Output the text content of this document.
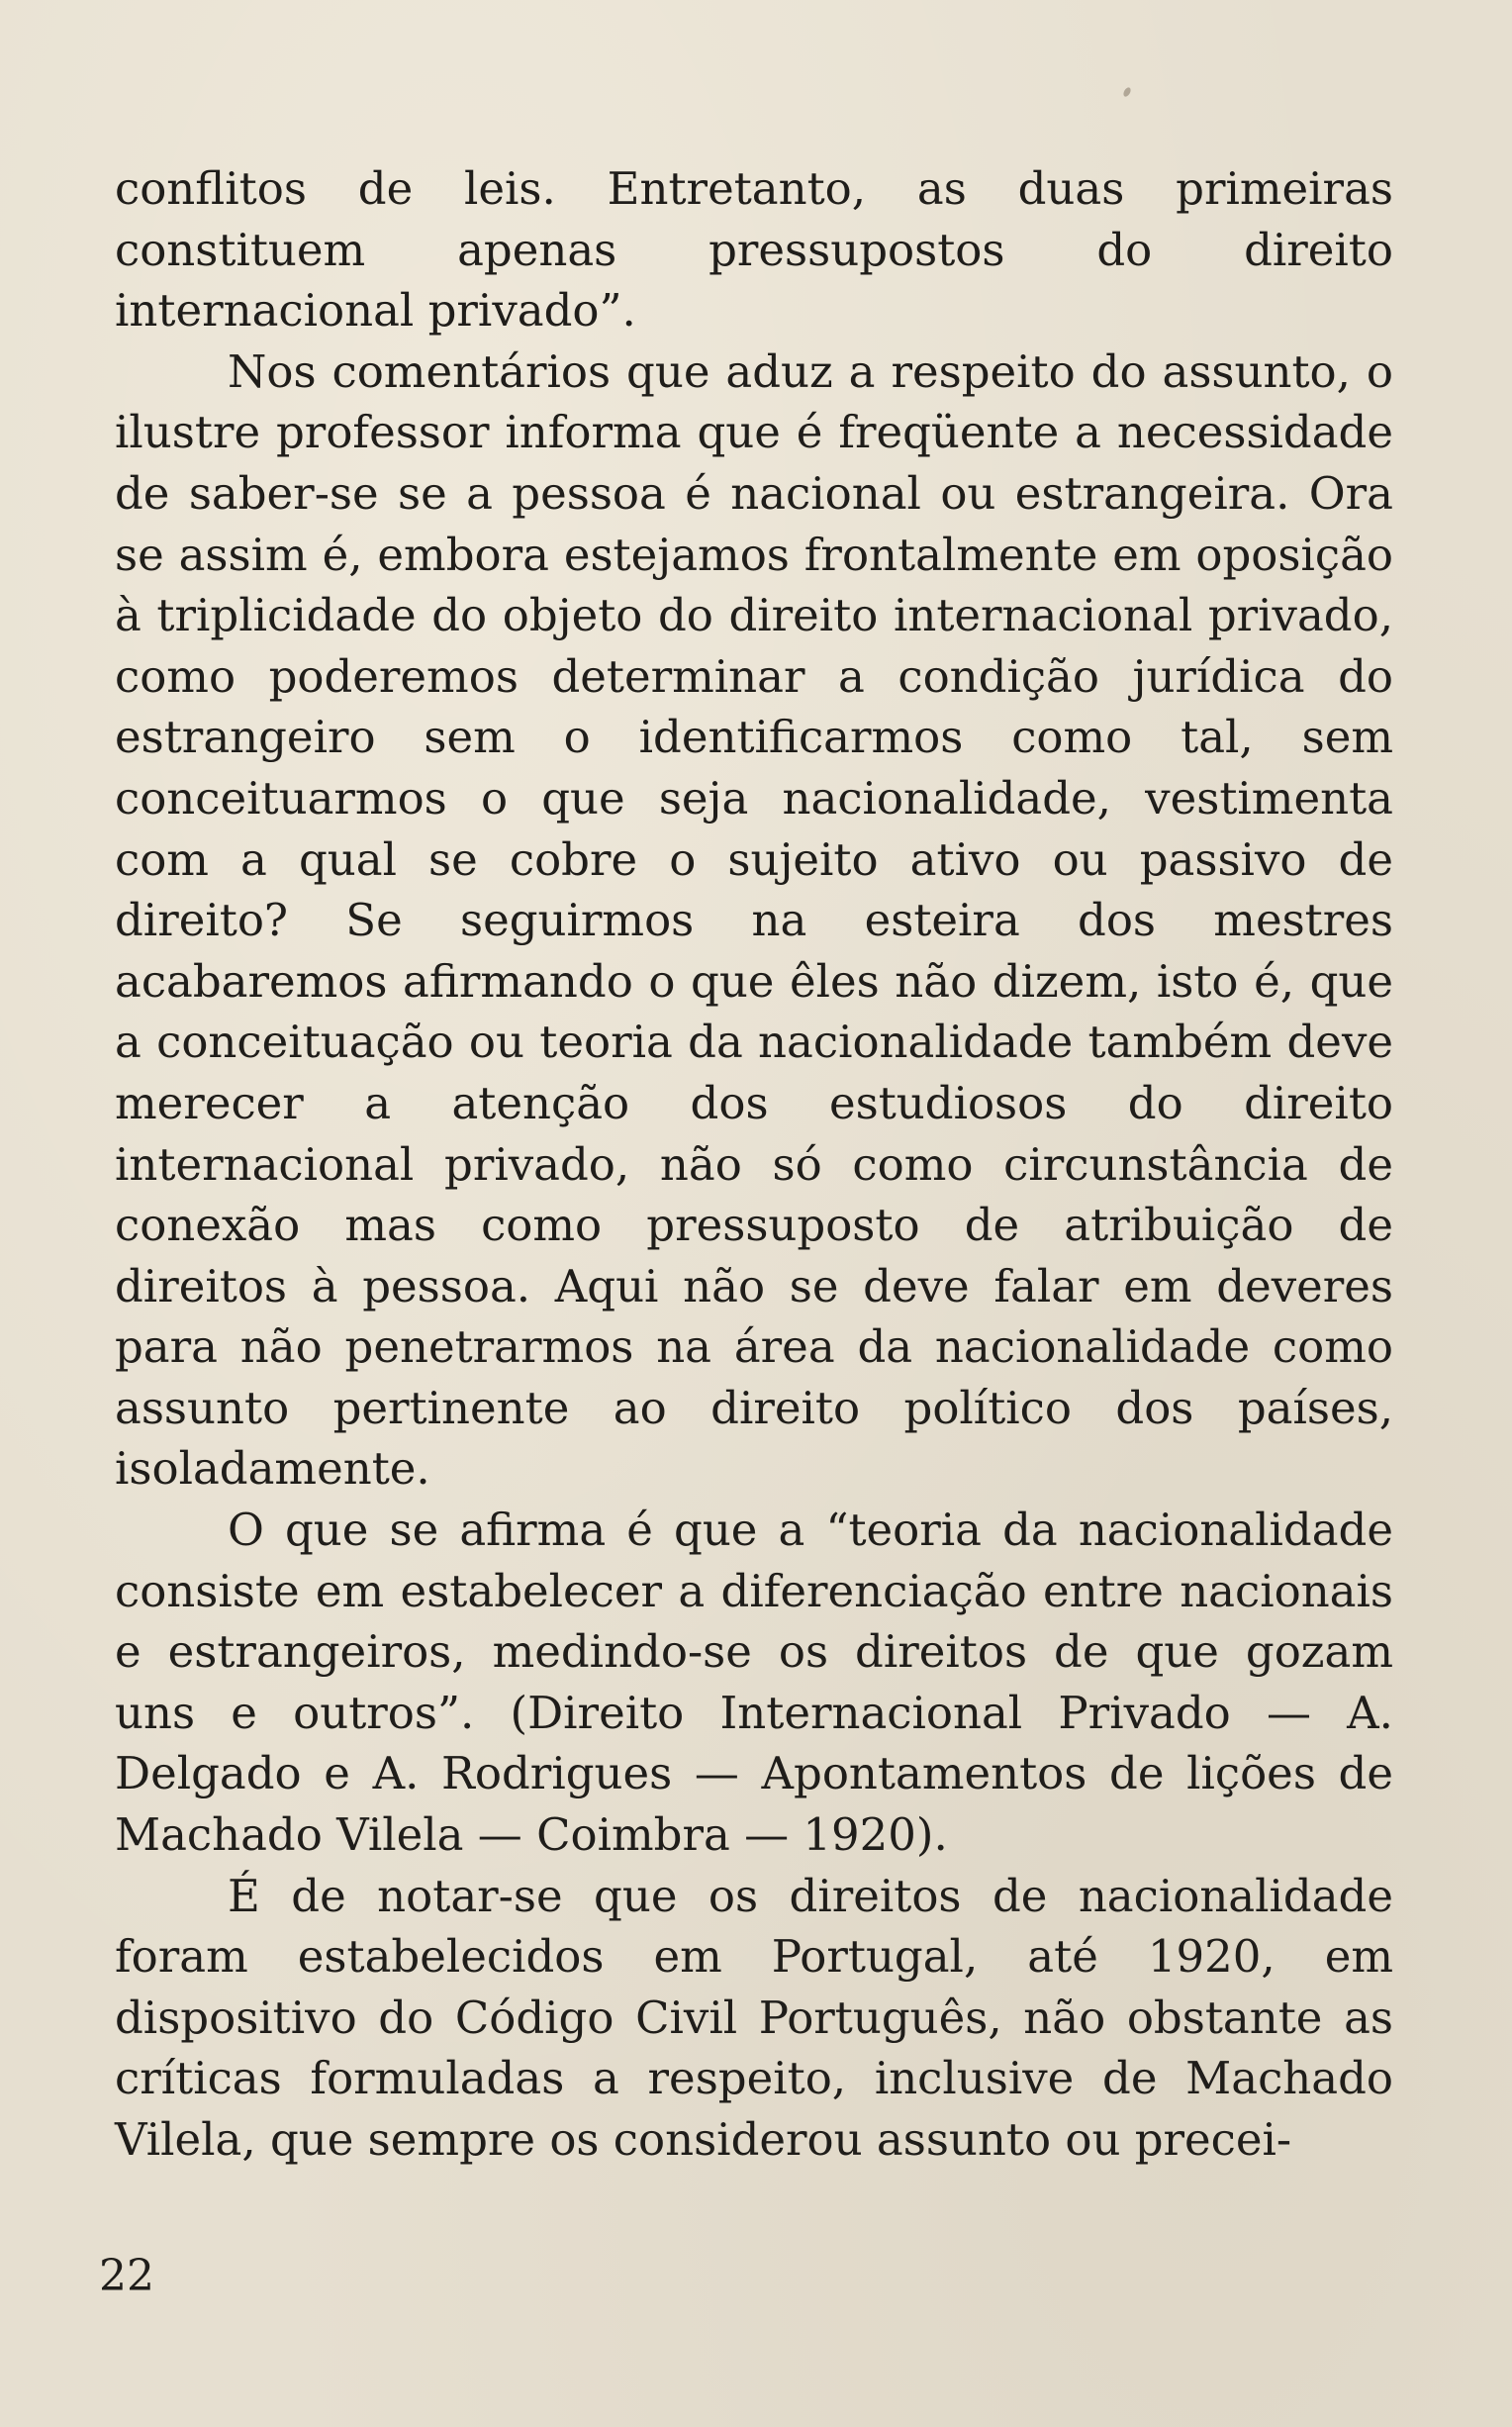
conflitos de leis. Entretanto, as duas primeiras constituem apenas pressupostos do direito internacional privado”.

Nos comentários que aduz a respeito do assunto, o ilustre professor informa que é freqüente a necessidade de saber-se se a pessoa é nacional ou estrangeira. Ora se assim é, embora estejamos frontalmente em oposição à triplicidade do objeto do direito internacional privado, como poderemos determinar a condição jurídica do estrangeiro sem o identificarmos como tal, sem conceituarmos o que seja nacionalidade, vestimenta com a qual se cobre o sujeito ativo ou passivo de direito? Se seguirmos na esteira dos mestres acabaremos afirmando o que êles não dizem, isto é, que a conceituação ou teoria da nacionalidade também deve merecer a atenção dos estudiosos do direito internacional privado, não só como circunstância de conexão mas como pressuposto de atribuição de direitos à pessoa. Aqui não se deve falar em deveres para não penetrarmos na área da nacionalidade como assunto pertinente ao direito político dos países, isoladamente.

O que se afirma é que a “teoria da nacionalidade consiste em estabelecer a diferenciação entre nacionais e estrangeiros, medindo-se os direitos de que gozam uns e outros”. (Direito Internacional Privado — A. Delgado e A. Rodrigues — Apontamentos de lições de Machado Vilela — Coimbra — 1920).

É de notar-se que os direitos de nacionalidade foram estabelecidos em Portugal, até 1920, em dispositivo do Código Civil Português, não obstante as críticas formuladas a respeito, inclusive de Machado Vilela, que sempre os considerou assunto ou precei-

22
